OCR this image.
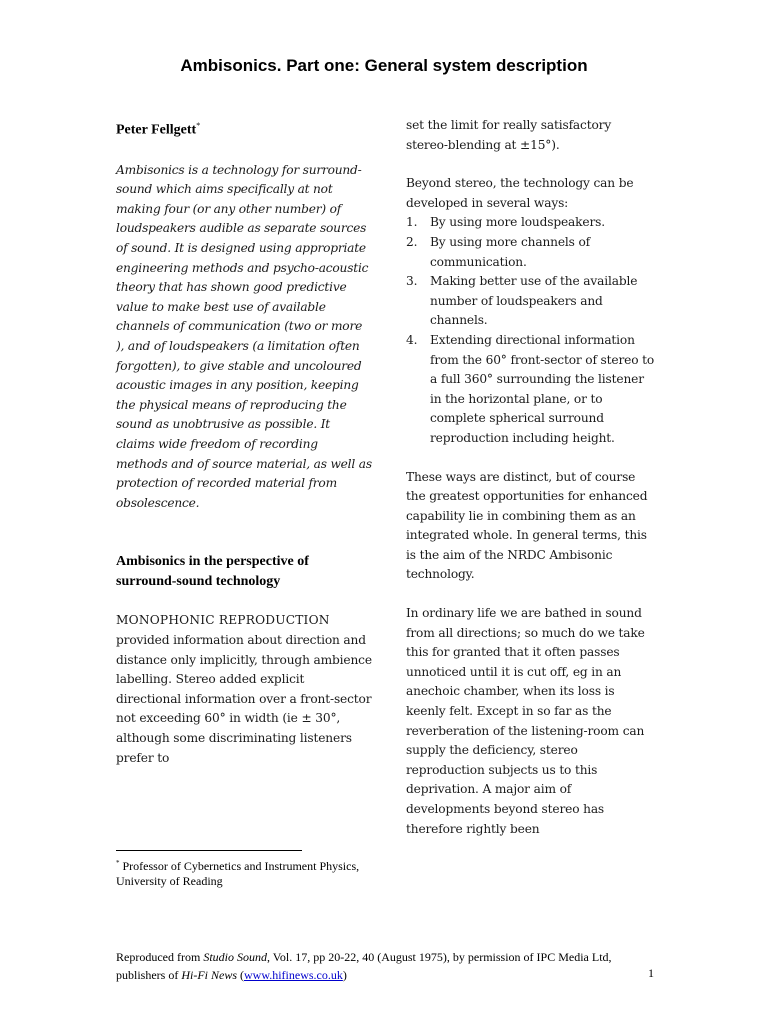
Ambisonics. Part one: General system description
Peter Fellgett*

Ambisonics is a technology for surround-sound which aims specifically at not making four (or any other number) of loudspeakers audible as separate sources of sound. It is designed using appropriate engineering methods and psycho-acoustic theory that has shown good predictive value to make best use of available channels of communication (two or more ), and of loudspeakers (a limitation often forgotten), to give stable and uncoloured acoustic images in any position, keeping the physical means of reproducing the sound as unobtrusive as possible. It claims wide freedom of recording methods and of source material, as well as protection of recorded material from obsolescence.

Ambisonics in the perspective of surround-sound technology

MONOPHONIC REPRODUCTION provided information about direction and distance only implicitly, through ambience labelling. Stereo added explicit directional information over a front-sector not exceeding 60° in width (ie ± 30°, although some discriminating listeners prefer to

set the limit for really satisfactory stereo-blending at ±15°).

Beyond stereo, the technology can be developed in several ways:

1. By using more loudspeakers.
2. By using more channels of communication.
3. Making better use of the available number of loudspeakers and channels.
4. Extending directional information from the 60° front-sector of stereo to a full 360° surrounding the listener in the horizontal plane, or to complete spherical surround reproduction including height.

These ways are distinct, but of course the greatest opportunities for enhanced capability lie in combining them as an integrated whole. In general terms, this is the aim of the NRDC Ambisonic technology.

In ordinary life we are bathed in sound from all directions; so much do we take this for granted that it often passes unnoticed until it is cut off, eg in an anechoic chamber, when its loss is keenly felt. Except in so far as the reverberation of the listening-room can supply the deficiency, stereo reproduction subjects us to this deprivation. A major aim of developments beyond stereo has therefore rightly been

* Professor of Cybernetics and Instrument Physics, University of Reading
Reproduced from Studio Sound, Vol. 17, pp 20-22, 40 (August 1975), by permission of IPC Media Ltd, publishers of Hi-Fi News (www.hifinews.co.uk)	1
